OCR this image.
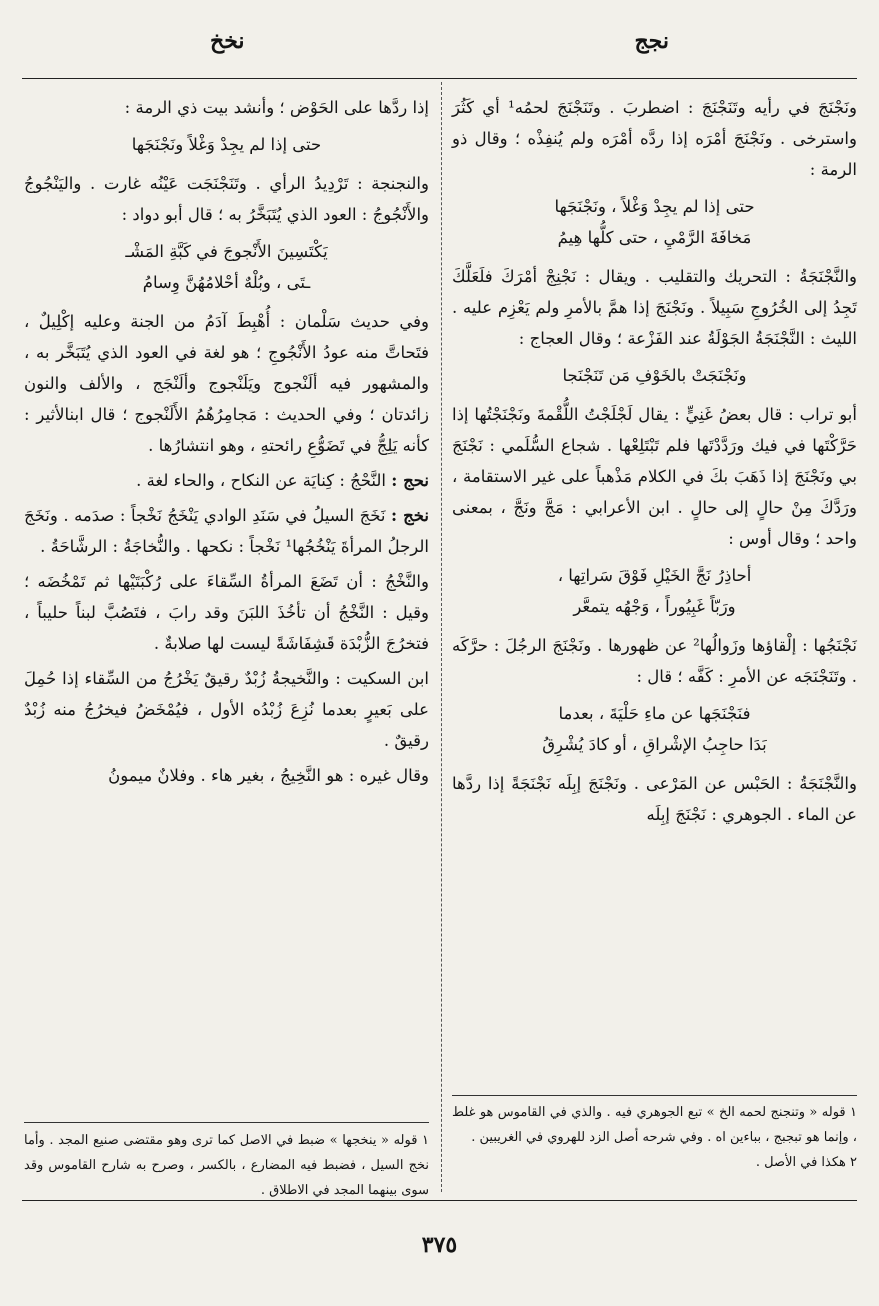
نجج
نخخ

ونَجْنَجَ في رأيه وتَنَجْنَجَ : اضطربَ . وتَنَجْنَجَ لحمُه¹ أي كَثُرَ واسترخى . ونَجْنَجَ أمْرَه إذا ردَّه أمْرَه ولم يُنفِذْه ؛ وقال ذو الرمة :

حتى إذا لم يجِدْ وَغْلاً ، ونَجْنَجَها
مَخافَةَ الرَّمْيِ ، حتى كلُّها هِيمُ

والنَّجْنَجَةُ : التحريك والتقليب . ويقال : نَجْنِجْ أمْرَكَ فلَعَلَّكَ تَجِدُ إلى الخُرُوجِ سَبِيلاً . ونَجْنَجَ إذا همَّ بالأمرِ ولم يَعْزِم عليه . الليث : النَّجْنَجَةُ الجَوْلَةُ عند الفَزْعة ؛ وقال العجاج :

ونَجْنَجَتْ بالخَوْفِ مَن تَنَجْنَجا

أبو تراب : قال بعضُ غَنِيٍّ : يقال لَجْلَجْتُ اللُّقْمةَ ونَجْنَجْتُها إذا حَرَّكْتَها في فيك ورَدَّدْتَها فلم تَبْتَلِعْها . شجاع السُّلَمي : نَجْنَجَ بي ونَجْنَجَ إذا ذَهَبَ بكَ في الكلام مَذْهباً على غير الاستقامة ، ورَدَّكَ مِنْ حالٍ إلى حالٍ . ابن الأعرابي : مَجَّ ونَجَّ ، بمعنى واحد ؛ وقال أوس :

أحاذِرُ نَجَّ الخَيْلِ فَوْقَ سَراتِها ،
ورَبّاً غَبِيُوراً ، وَجْهُه يتمعَّر

نَجْنَجُها : إلْقاؤها وزَوالُها² عن ظهورها . ونَجْنَجَ الرجُلَ : حرَّكَه . وتَنَجْنَجَه عن الأمرِ : كَفَّه ؛ قال :

فنَجْنَجَها عن ماءِ حَلْيَةَ ، بعدما
بَدَا حاجِبُ الإشْراقِ ، أو كادَ يُشْرِقُ

والنَّجْنَجَةُ : الحَبْس عن المَرْعى . ونَجْنَجَ إبِلَه نَجْنَجَةً إذا ردَّها عن الماء . الجوهري : نَجْنَجَ إبِلَه

١ قوله « وتنجنج لحمه الخ » تبع الجوهري فيه . والذي في القاموس هو غلط ، وإنما هو تبجبج ، بباءين اه . وفي شرحه أصل الزد للهروي في الغريبين .
٢ هكذا في الأصل .

إذا ردَّها على الحَوْض ؛ وأنشد بيت ذي الرمة :

حتى إذا لم يجِدْ وَغْلاً ونَجْنَجَها

والنجنجة : تَرْدِيدُ الرأي . وتَنَجْنَجَت عَيْنُه غارت . واليَنْجُوجُ والأَنْجُوجُ : العود الذي يُتَبَخَّرُ به ؛ قال أبو دواد :

يَكْتَسِينَ الأَنْجوجَ في كَبَّةِ المَشْـ
ـتَى ، وبُلْهٌ أحْلامُهُنَّ وِسامُ

وفي حديث سَلْمان : أُهْبِطَ آدَمُ من الجنة وعليه إكْلِيلٌ ، فتَحاتَّ منه عودُ الأَنْجُوجِ ؛ هو لغة في العود الذي يُتَبَخَّر به ، والمشهور فيه ألَنْجوج ويَلَنْجوج وألَنْجَج ، والألف والنون زائدتان ؛ وفي الحديث : مَجامِرُهُمُ الأَلَنْجوج ؛ قال ابنالأثير : كأنه يَلِجُّ في تَضَوُّعِ رائحتهِ ، وهو انتشارُها .

نحج : النَّحْجُ : كِنايَة عن النكاح ، والحاء لغة .

نخج : نَخَجَ السيلُ في سَنَدِ الوادي يَنْخَجُ نَخْجاً : صدَمه . ونَخَجَ الرجلُ المرأةَ يَنْخُجُها¹ نَخْجاً : نكحها . والنُّخاجَةُ : الرشَّاحَةُ .

والنَّخْجُ : أن تَضَعَ المرأةُ السِّقاءَ على رُكْبَتَيْها ثم تَمْخُضَه ؛ وقيل : النَّخْجُ أن تأخُذَ اللبَنَ وقد رابَ ، فتَصُبَّ لبناً حليباً ، فتخرُجَ الزُّبْدَة قَشِفَاشَةً ليست لها صلابةٌ .

ابن السكيت : والنَّخيجةُ زُبْدٌ رقيقٌ يَخْرُجُ من السِّقاء إذا حُمِلَ على بَعيرٍ بعدما نُزِعَ زُبْدُه الأول ، فيُمْخَضُ فيخرُجُ منه زُبْدٌ رقيقٌ .

وقال غيره : هو النَّخِيجُ ، بغير هاء . وفلانٌ ميمونُ

١ قوله « ينخجها » ضبط في الاصل كما ترى وهو مقتضى صنيع المجد . وأما نخج السيل ، فضبط فيه المضارع ، بالكسر ، وصرح به شارح القاموس وقد سوى بينهما المجد في الاطلاق .
٣٧٥
